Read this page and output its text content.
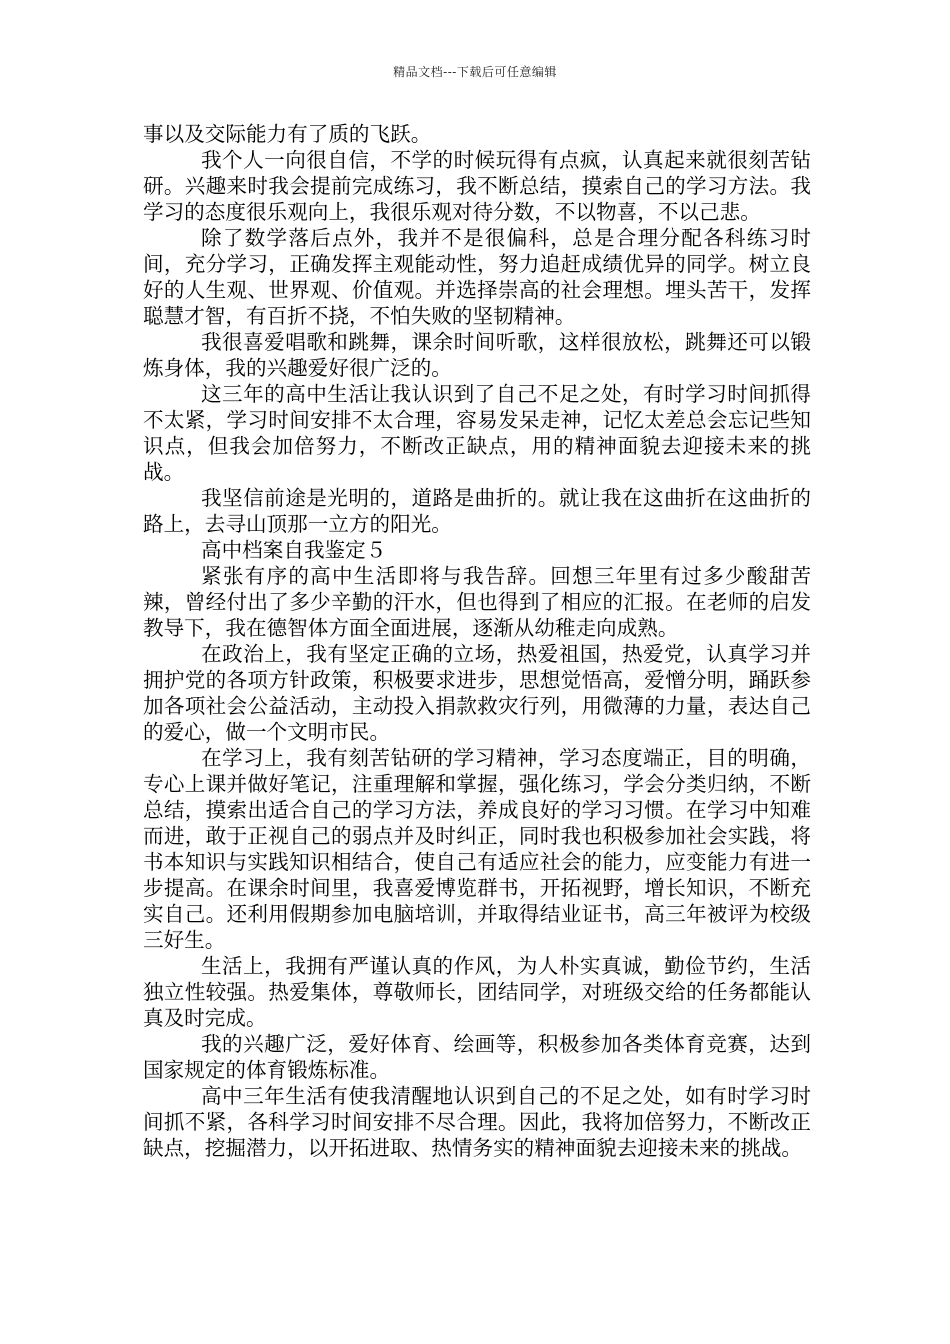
精品文档---下载后可任意编辑

事以及交际能力有了质的飞跃。

我个人一向很自信，不学的时候玩得有点疯，认真起来就很刻苦钻研。兴趣来时我会提前完成练习，我不断总结，摸索自己的学习方法。我学习的态度很乐观向上，我很乐观对待分数，不以物喜，不以己悲。

除了数学落后点外，我并不是很偏科，总是合理分配各科练习时间，充分学习，正确发挥主观能动性，努力追赶成绩优异的同学。树立良好的人生观、世界观、价值观。并选择崇高的社会理想。埋头苦干，发挥聪慧才智，有百折不挠，不怕失败的坚韧精神。

我很喜爱唱歌和跳舞，课余时间听歌，这样很放松，跳舞还可以锻炼身体，我的兴趣爱好很广泛的。

这三年的高中生活让我认识到了自己不足之处，有时学习时间抓得不太紧，学习时间安排不太合理，容易发呆走神，记忆太差总会忘记些知识点，但我会加倍努力，不断改正缺点，用的精神面貌去迎接未来的挑战。

我坚信前途是光明的，道路是曲折的。就让我在这曲折在这曲折的路上，去寻山顶那一立方的阳光。

高中档案自我鉴定５

紧张有序的高中生活即将与我告辞。回想三年里有过多少酸甜苦辣，曾经付出了多少辛勤的汗水，但也得到了相应的汇报。在老师的启发教导下，我在德智体方面全面进展，逐渐从幼稚走向成熟。

在政治上，我有坚定正确的立场，热爱祖国，热爱党，认真学习并拥护党的各项方针政策，积极要求进步，思想觉悟高，爱憎分明，踊跃参加各项社会公益活动，主动投入捐款救灾行列，用微薄的力量，表达自己的爱心，做一个文明市民。

在学习上，我有刻苦钻研的学习精神，学习态度端正，目的明确，专心上课并做好笔记，注重理解和掌握，强化练习，学会分类归纳，不断总结，摸索出适合自己的学习方法，养成良好的学习习惯。在学习中知难而进，敢于正视自己的弱点并及时纠正，同时我也积极参加社会实践，将书本知识与实践知识相结合，使自己有适应社会的能力，应变能力有进一步提高。在课余时间里，我喜爱博览群书，开拓视野，增长知识，不断充实自己。还利用假期参加电脑培训，并取得结业证书，高三年被评为校级三好生。

生活上，我拥有严谨认真的作风，为人朴实真诚，勤俭节约，生活独立性较强。热爱集体，尊敬师长，团结同学，对班级交给的任务都能认真及时完成。

我的兴趣广泛，爱好体育、绘画等，积极参加各类体育竞赛，达到国家规定的体育锻炼标准。

高中三年生活有使我清醒地认识到自己的不足之处，如有时学习时间抓不紧，各科学习时间安排不尽合理。因此，我将加倍努力，不断改正缺点，挖掘潜力，以开拓进取、热情务实的精神面貌去迎接未来的挑战。
